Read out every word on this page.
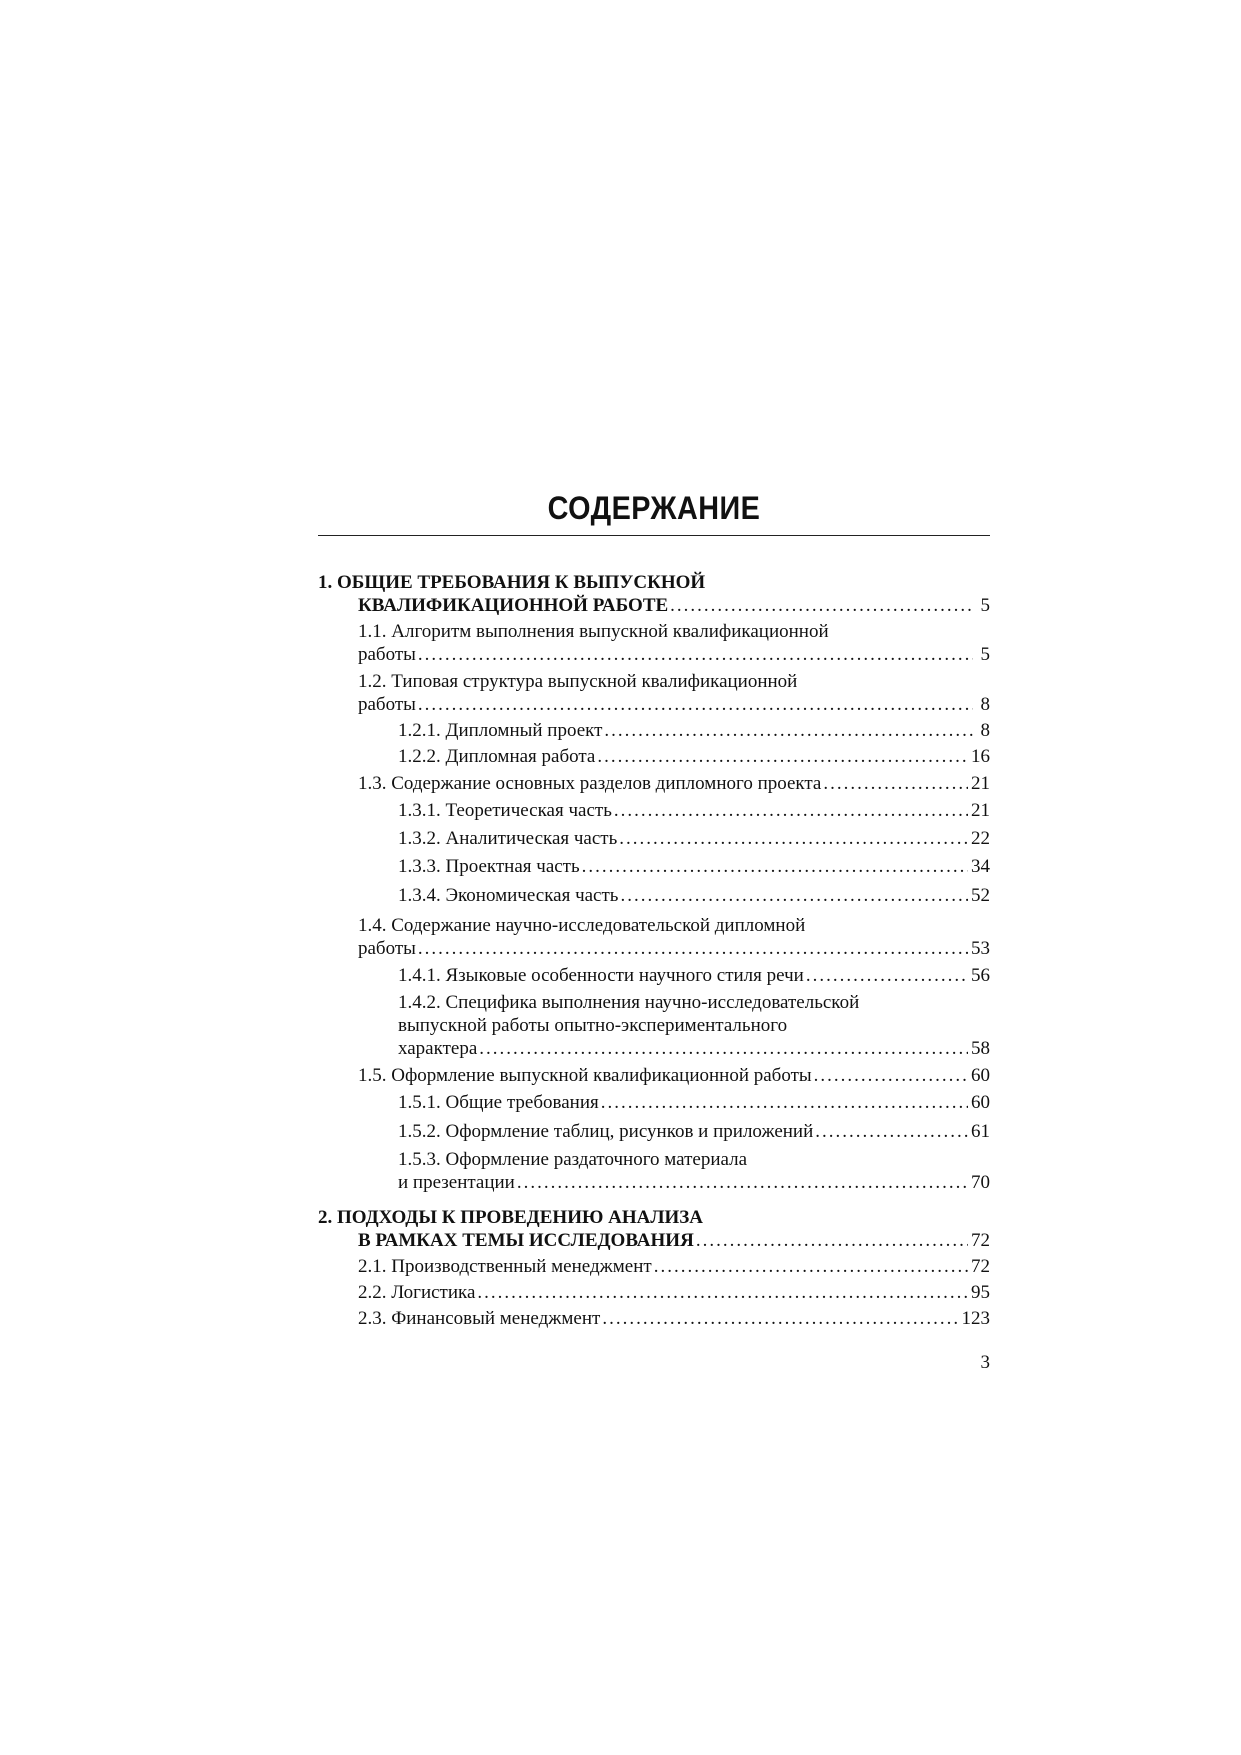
СОДЕРЖАНИЕ
1. ОБЩИЕ ТРЕБОВАНИЯ К ВЫПУСКНОЙ
КВАЛИФИКАЦИОННОЙ РАБОТЕ .....	5
1.1. Алгоритм выполнения выпускной квалификационной
работы .....	5
1.2. Типовая структура выпускной квалификационной
работы .....	8
1.2.1. Дипломный проект .....	8
1.2.2. Дипломная работа .....	16
1.3. Содержание основных разделов дипломного проекта .....	21
1.3.1. Теоретическая часть .....	21
1.3.2. Аналитическая часть .....	22
1.3.3. Проектная часть .....	34
1.3.4. Экономическая часть .....	52
1.4. Содержание научно-исследовательской дипломной
работы .....	53
1.4.1. Языковые особенности научного стиля речи .....	56
1.4.2. Специфика выполнения научно-исследовательской
выпускной работы опытно-экспериментального
характера .....	58
1.5. Оформление выпускной квалификационной работы .....	60
1.5.1. Общие требования .....	60
1.5.2. Оформление таблиц, рисунков и приложений .....	61
1.5.3. Оформление раздаточного материала
и презентации .....	70
2. ПОДХОДЫ К ПРОВЕДЕНИЮ АНАЛИЗА
В РАМКАХ ТЕМЫ ИССЛЕДОВАНИЯ .....	72
2.1. Производственный менеджмент .....	72
2.2. Логистика .....	95
2.3. Финансовый менеджмент .....	123
3
